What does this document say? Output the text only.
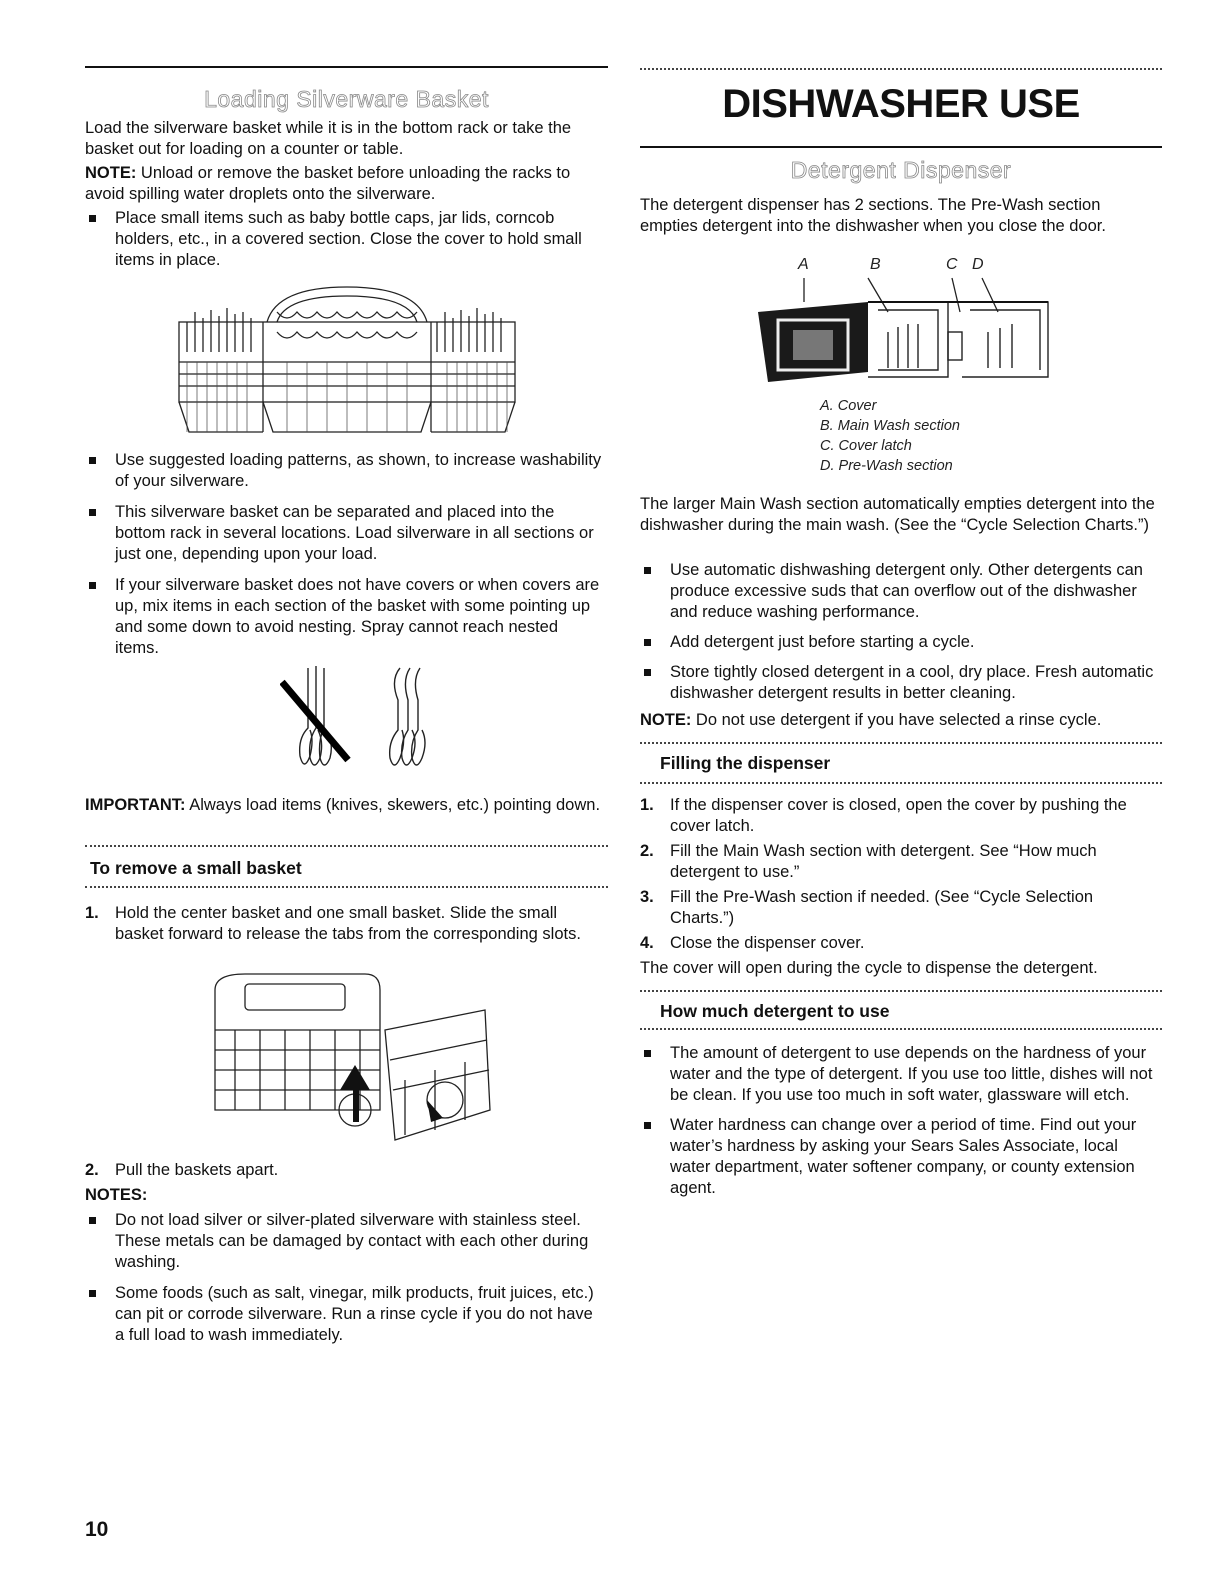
Loading Silverware Basket

Load the silverware basket while it is in the bottom rack or take the basket out for loading on a counter or table.

NOTE: Unload or remove the basket before unloading the racks to avoid spilling water droplets onto the silverware.

Place small items such as baby bottle caps, jar lids, corncob holders, etc., in a covered section. Close the cover to hold small items in place.

Use suggested loading patterns, as shown, to increase washability of your silverware.

This silverware basket can be separated and placed into the bottom rack in several locations. Load silverware in all sections or just one, depending upon your load.

If your silverware basket does not have covers or when covers are up, mix items in each section of the basket with some pointing up and some down to avoid nesting. Spray cannot reach nested items.

IMPORTANT: Always load items (knives, skewers, etc.) pointing down.

To remove a small basket

1. Hold the center basket and one small basket. Slide the small basket forward to release the tabs from the corresponding slots.

2. Pull the baskets apart.

NOTES:

Do not load silver or silver-plated silverware with stainless steel. These metals can be damaged by contact with each other during washing.

Some foods (such as salt, vinegar, milk products, fruit juices, etc.) can pit or corrode silverware. Run a rinse cycle if you do not have a full load to wash immediately.

DISHWASHER USE
Detergent Dispenser

The detergent dispenser has 2 sections. The Pre-Wash section empties detergent into the dishwasher when you close the door.

A	B	C D
A. Cover
B. Main Wash section
C. Cover latch
D. Pre-Wash section

The larger Main Wash section automatically empties detergent into the dishwasher during the main wash. (See the “Cycle Selection Charts.”)

Use automatic dishwashing detergent only. Other detergents can produce excessive suds that can overflow out of the dishwasher and reduce washing performance.

Add detergent just before starting a cycle.

Store tightly closed detergent in a cool, dry place. Fresh automatic dishwasher detergent results in better cleaning.

NOTE: Do not use detergent if you have selected a rinse cycle.

Filling the dispenser

1. If the dispenser cover is closed, open the cover by pushing the cover latch.

2. Fill the Main Wash section with detergent. See “How much detergent to use.”

3. Fill the Pre-Wash section if needed. (See “Cycle Selection Charts.”)

4. Close the dispenser cover.

The cover will open during the cycle to dispense the detergent.

How much detergent to use

The amount of detergent to use depends on the hardness of your water and the type of detergent. If you use too little, dishes will not be clean. If you use too much in soft water, glassware will etch.

Water hardness can change over a period of time. Find out your water’s hardness by asking your Sears Sales Associate, local water department, water softener company, or county extension agent.

10
